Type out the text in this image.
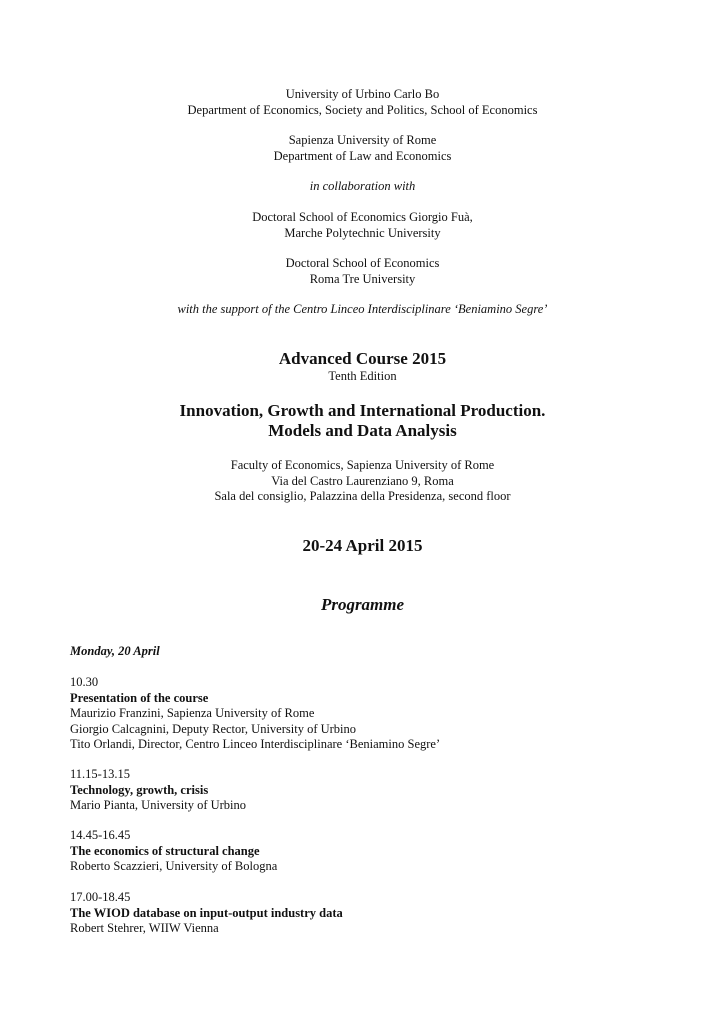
University of Urbino Carlo Bo
Department of Economics, Society and Politics, School of Economics
Sapienza University of Rome
Department of Law and Economics
in collaboration with
Doctoral School of Economics Giorgio Fuà,
Marche Polytechnic University
Doctoral School of Economics
Roma Tre University
with the support of the Centro Linceo Interdisciplinare ‘Beniamino Segre’
Advanced Course 2015
Tenth Edition
Innovation, Growth and International Production.
Models and Data Analysis
Faculty of Economics, Sapienza University of Rome
Via del Castro Laurenziano 9, Roma
Sala del consiglio, Palazzina della Presidenza, second floor
20-24 April 2015
Programme
Monday, 20 April
10.30
Presentation of the course
Maurizio Franzini, Sapienza University of Rome
Giorgio Calcagnini, Deputy Rector, University of Urbino
Tito Orlandi, Director, Centro Linceo Interdisciplinare ‘Beniamino Segre’
11.15-13.15
Technology, growth, crisis
Mario Pianta, University of Urbino
14.45-16.45
The economics of structural change
Roberto Scazzieri, University of Bologna
17.00-18.45
The WIOD database on input-output industry data
Robert Stehrer, WIIW Vienna
